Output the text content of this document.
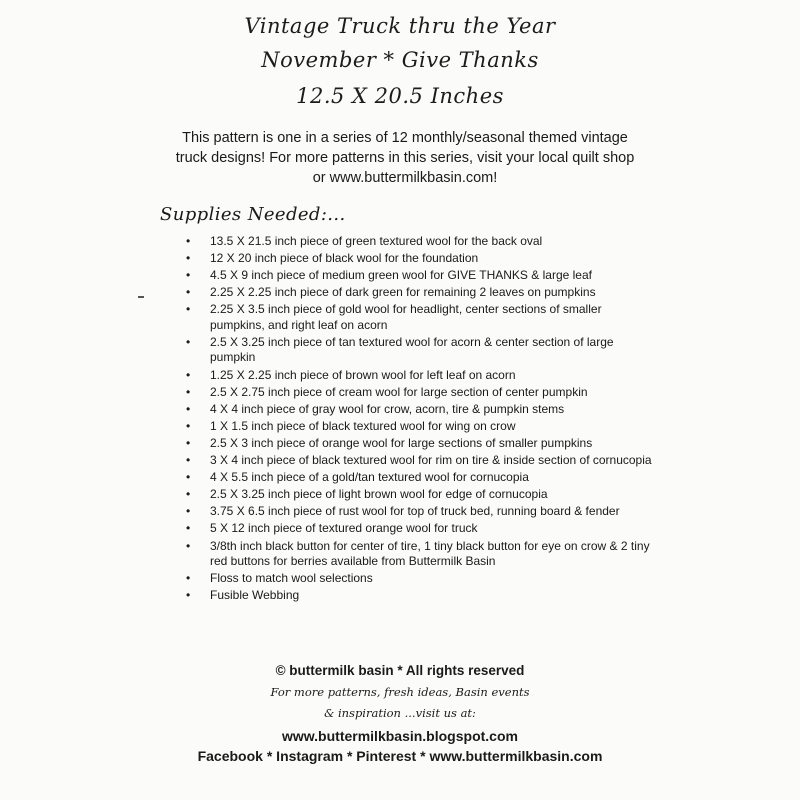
Vintage Truck thru the Year
November * Give Thanks
12.5 X 20.5 Inches
This pattern is one in a series of 12 monthly/seasonal themed vintage
truck designs! For more patterns in this series, visit your local quilt shop
or www.buttermilkbasin.com!
Supplies Needed:...
• 13.5 X 21.5 inch piece of green textured wool for the back oval
• 12 X 20 inch piece of black wool for the foundation
• 4.5 X 9 inch piece of medium green wool for GIVE THANKS & large leaf
• 2.25 X 2.25 inch piece of dark green for remaining 2 leaves on pumpkins
• 2.25 X 3.5 inch piece of gold wool for headlight, center sections of smaller pumpkins, and right leaf on acorn
• 2.5 X 3.25 inch piece of tan textured wool for acorn & center section of large pumpkin
• 1.25 X 2.25 inch piece of brown wool for left leaf on acorn
• 2.5 X 2.75 inch piece of cream wool for large section of center pumpkin
• 4 X 4 inch piece of gray wool for crow, acorn, tire & pumpkin stems
• 1 X 1.5 inch piece of black textured wool for wing on crow
• 2.5 X 3 inch piece of orange wool for large sections of smaller pumpkins
• 3 X 4 inch piece of black textured wool for rim on tire & inside section of cornucopia
• 4 X 5.5 inch piece of a gold/tan textured wool for cornucopia
• 2.5 X 3.25 inch piece of light brown wool for edge of cornucopia
• 3.75 X 6.5 inch piece of rust wool for top of truck bed, running board & fender
• 5 X 12 inch piece of textured orange wool for truck
• 3/8th inch black button for center of tire, 1 tiny black button for eye on crow & 2 tiny red buttons for berries available from Buttermilk Basin
• Floss to match wool selections
• Fusible Webbing
© buttermilk basin * All rights reserved
For more patterns, fresh ideas, Basin events
& inspiration ...visit us at:
www.buttermilkbasin.blogspot.com
Facebook * Instagram * Pinterest * www.buttermilkbasin.com
